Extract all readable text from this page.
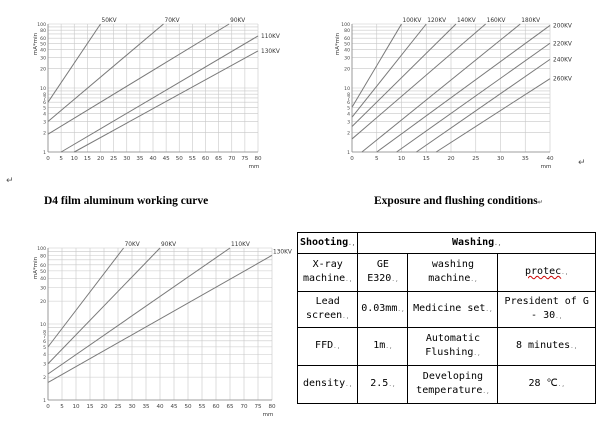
1
2
3
4
5
6
7
8
10
20
30
40
50
60
80
100
0 5 10 15 20 25 30 35 40 45 50 55 60 65 70 75 80
mA*min
mm
50KV	70KV	90KV
110KV
130KV
↵
1
2
3
4
5
6
7
8
10
20
30
40
50
60
80
100
0	5	10	15	20	25	30	35	40
mA*min
mm
100KV 120KV 140KV 160KV	180KV
200KV
220KV
240KV
260KV
↵
D4 film aluminum working curve	Exposure and flushing conditions↵
1
2
3
4
5
6
7
8
10
20
30
40
50
60
80
100
0 5 10 15 20 25 30 35 40 45 50 55 60 65 70 75 80
mA*min
mm
70KV	90KV	110KV
130KV
Shooting.,	Washing.,		
X-ray machine.,	GE E320.,	washing machine.,	protec.,
Lead screen.,	0.03mm.,	Medicine set.,	President of G - 30.,
FFD.,	1m.,	Automatic Flushing.,	8 minutes.,
density.,	2.5.,	Developing temperature.,	28 ℃.,
